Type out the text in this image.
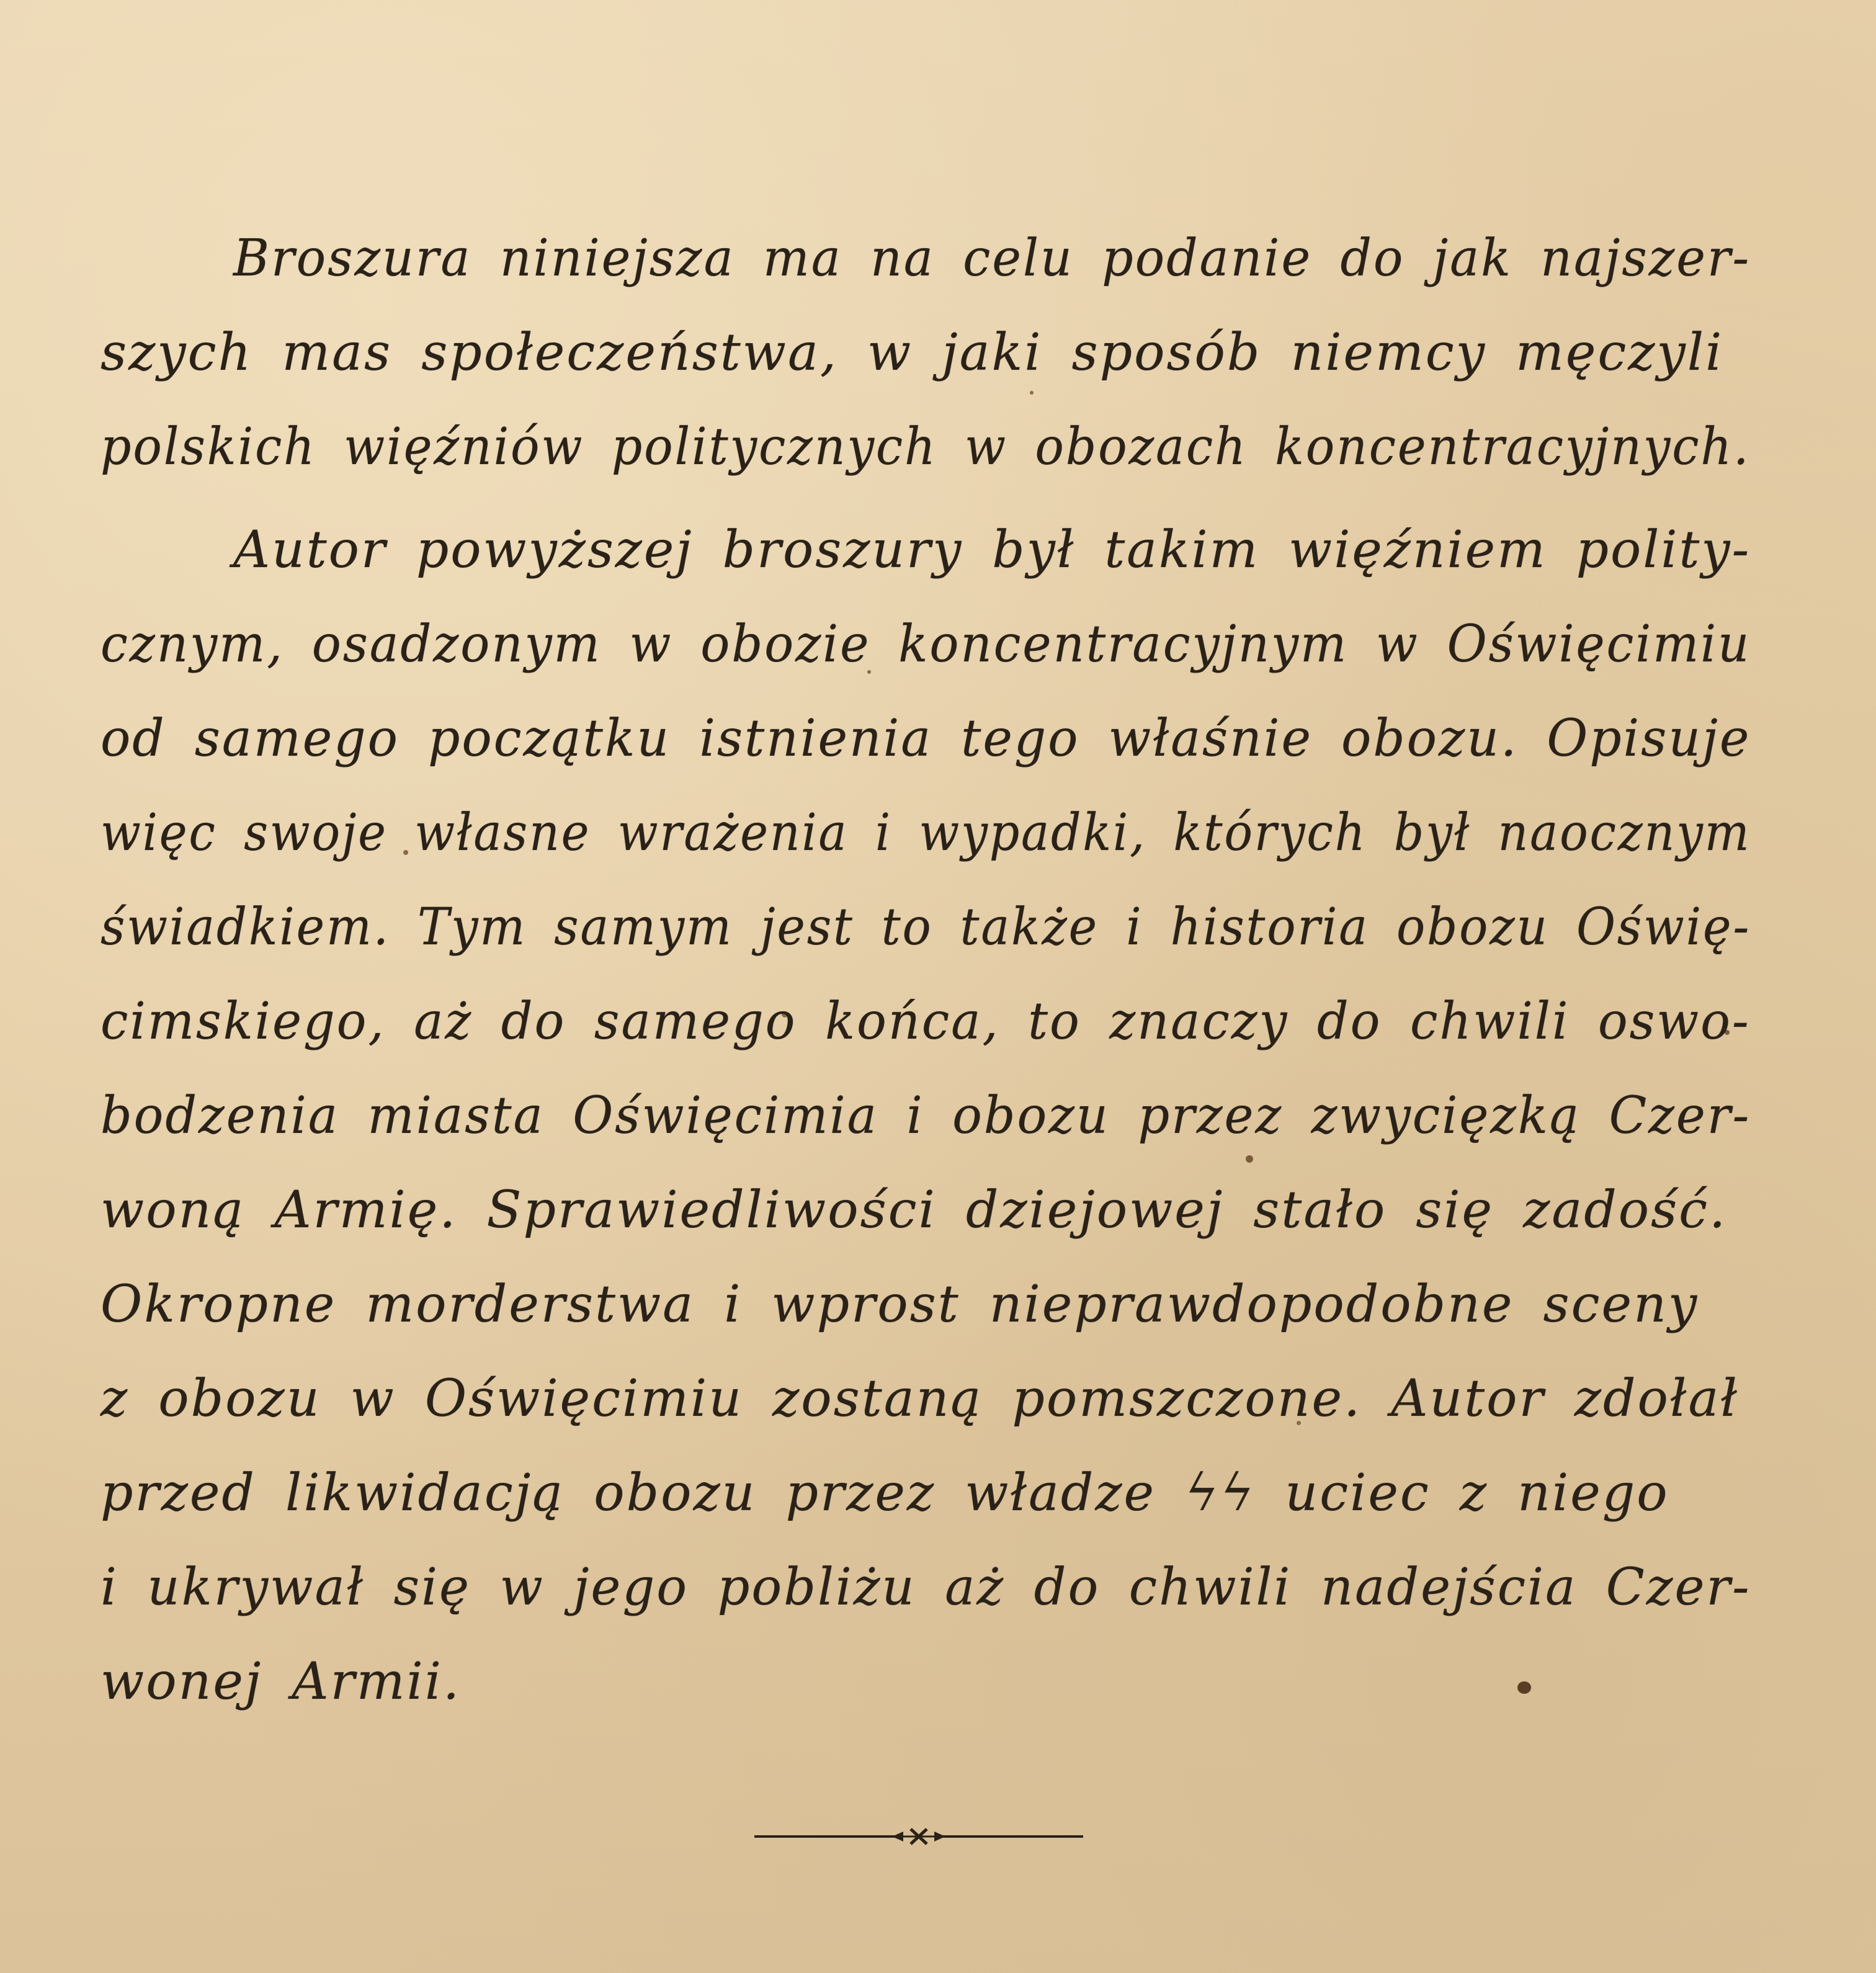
Broszura niniejsza ma na celu podanie do jak najszer-
szych mas społeczeństwa, w jaki sposób niemcy męczyli
polskich więźniów politycznych w obozach koncentracyjnych.
Autor powyższej broszury był takim więźniem polity-
cznym, osadzonym w obozie koncentracyjnym w Oświęcimiu
od samego początku istnienia tego właśnie obozu. Opisuje
więc swoje własne wrażenia i wypadki, których był naocznym
świadkiem. Tym samym jest to także i historia obozu Oświę-
cimskiego, aż do samego końca, to znaczy do chwili oswo-
bodzenia miasta Oświęcimia i obozu przez zwycięzką Czer-
woną Armię. Sprawiedliwości dziejowej stało się zadość.
Okropne morderstwa i wprost nieprawdopodobne sceny
z obozu w Oświęcimiu zostaną pomszczone. Autor zdołał
przed likwidacją obozu przez władze ϟϟ uciec z niego
i ukrywał się w jego pobliżu aż do chwili nadejścia Czer-
wonej Armii.
